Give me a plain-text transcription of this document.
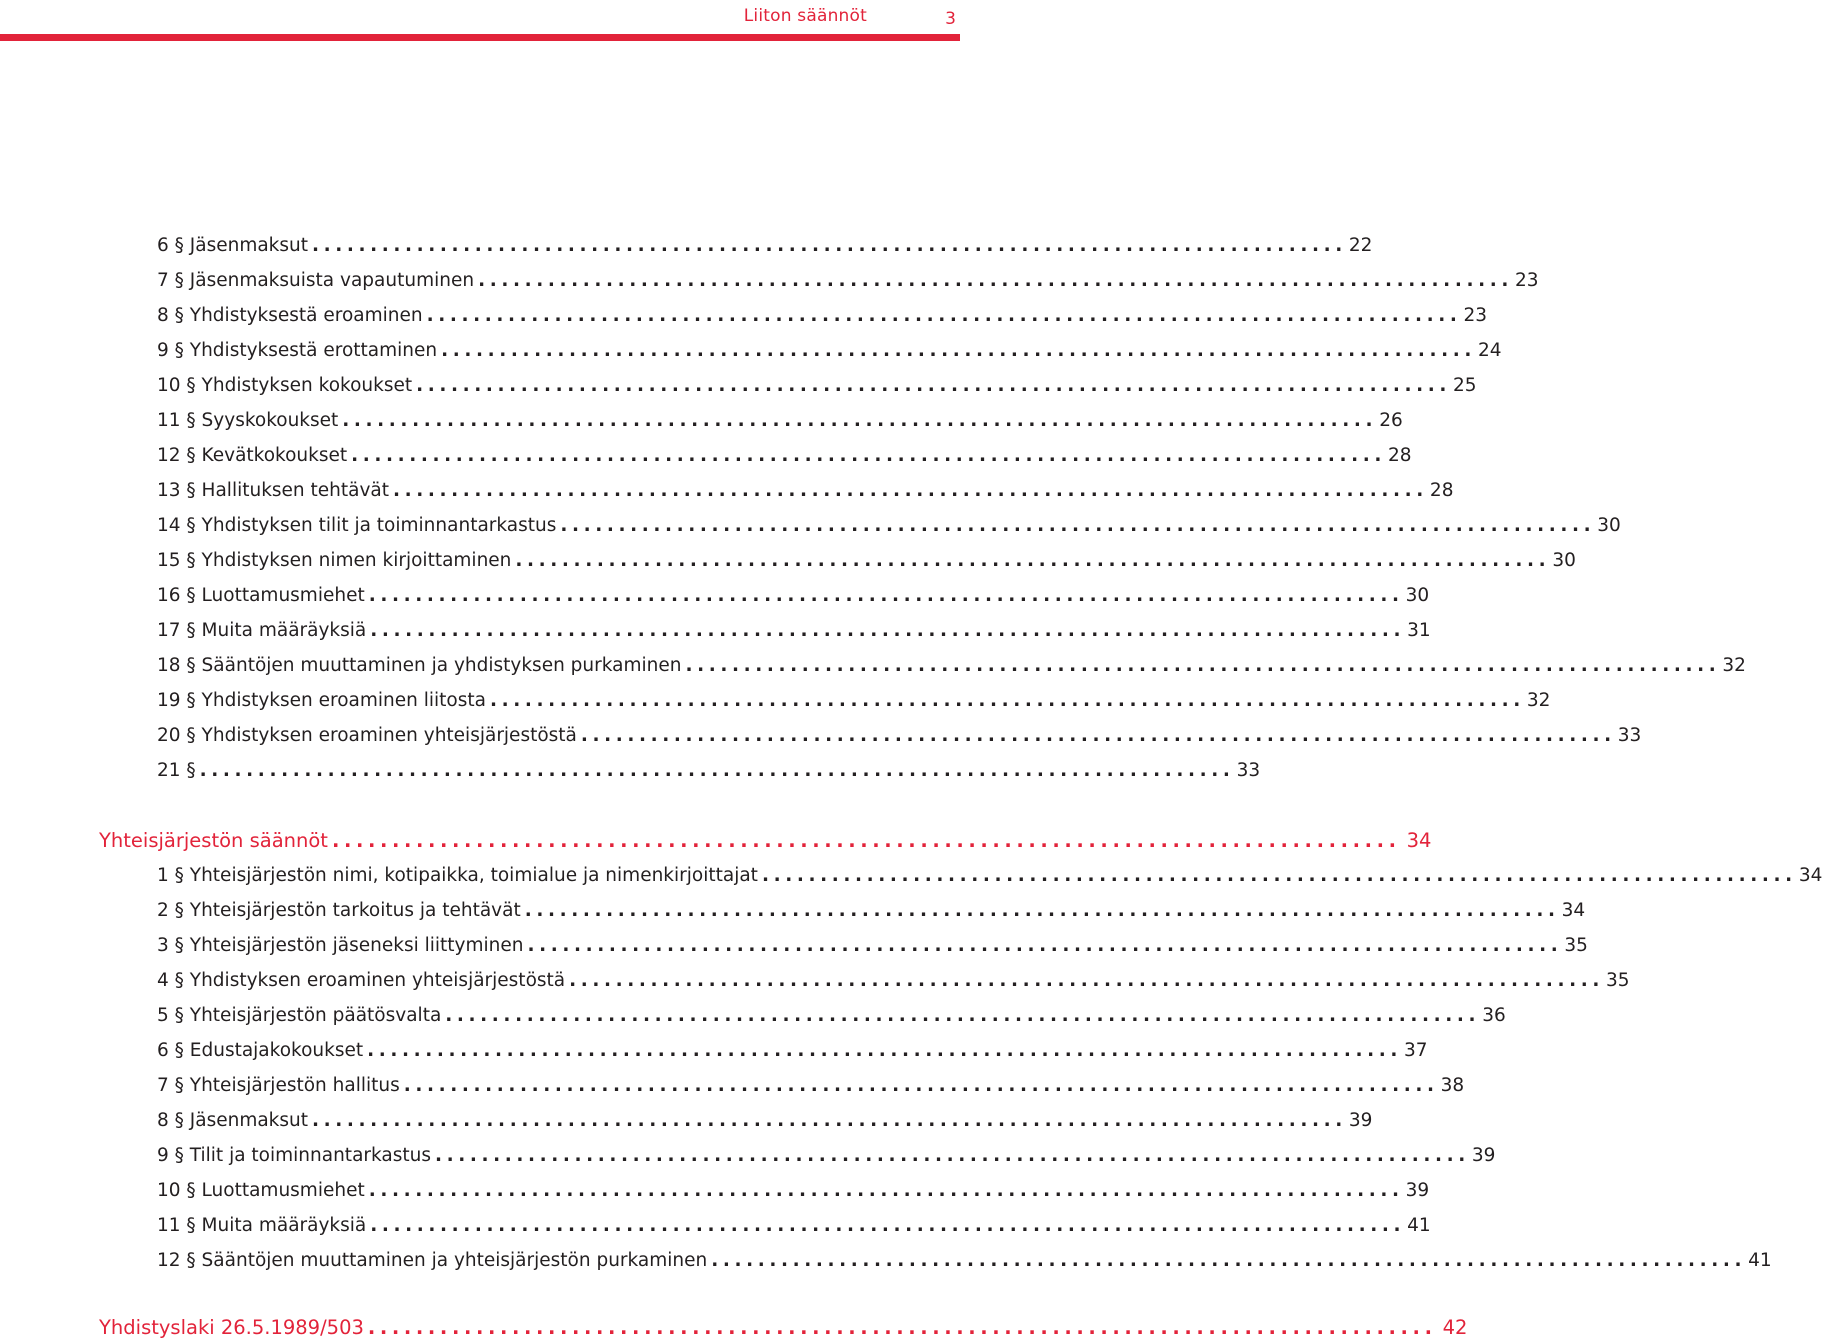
Liiton säännöt	3
6 § Jäsenmaksut ......................................................................................... 22
7 § Jäsenmaksuista vapautuminen ......................................................................................... 23
8 § Yhdistyksestä eroaminen ......................................................................................... 23
9 § Yhdistyksestä erottaminen ......................................................................................... 24
10 § Yhdistyksen kokoukset ......................................................................................... 25
11 § Syyskokoukset ......................................................................................... 26
12 § Kevätkokoukset ......................................................................................... 28
13 § Hallituksen tehtävät ......................................................................................... 28
14 § Yhdistyksen tilit ja toiminnantarkastus ......................................................................................... 30
15 § Yhdistyksen nimen kirjoittaminen ......................................................................................... 30
16 § Luottamusmiehet ......................................................................................... 30
17 § Muita määräyksiä ......................................................................................... 31
18 § Sääntöjen muuttaminen ja yhdistyksen purkaminen ......................................................................................... 32
19 § Yhdistyksen eroaminen liitosta ......................................................................................... 32
20 § Yhdistyksen eroaminen yhteisjärjestöstä ......................................................................................... 33
21 § ......................................................................................... 33
Yhteisjärjestön säännöt ......................................................................................... 34
1 § Yhteisjärjestön nimi, kotipaikka, toimialue ja nimenkirjoittajat ......................................................................................... 34
2 § Yhteisjärjestön tarkoitus ja tehtävät ......................................................................................... 34
3 § Yhteisjärjestön jäseneksi liittyminen ......................................................................................... 35
4 § Yhdistyksen eroaminen yhteisjärjestöstä ......................................................................................... 35
5 § Yhteisjärjestön päätösvalta ......................................................................................... 36
6 § Edustajakokoukset ......................................................................................... 37
7 § Yhteisjärjestön hallitus ......................................................................................... 38
8 § Jäsenmaksut ......................................................................................... 39
9 § Tilit ja toiminnantarkastus ......................................................................................... 39
10 § Luottamusmiehet ......................................................................................... 39
11 § Muita määräyksiä ......................................................................................... 41
12 § Sääntöjen muuttaminen ja yhteisjärjestön purkaminen ......................................................................................... 41
Yhdistyslaki 26.5.1989/503 ......................................................................................... 42
